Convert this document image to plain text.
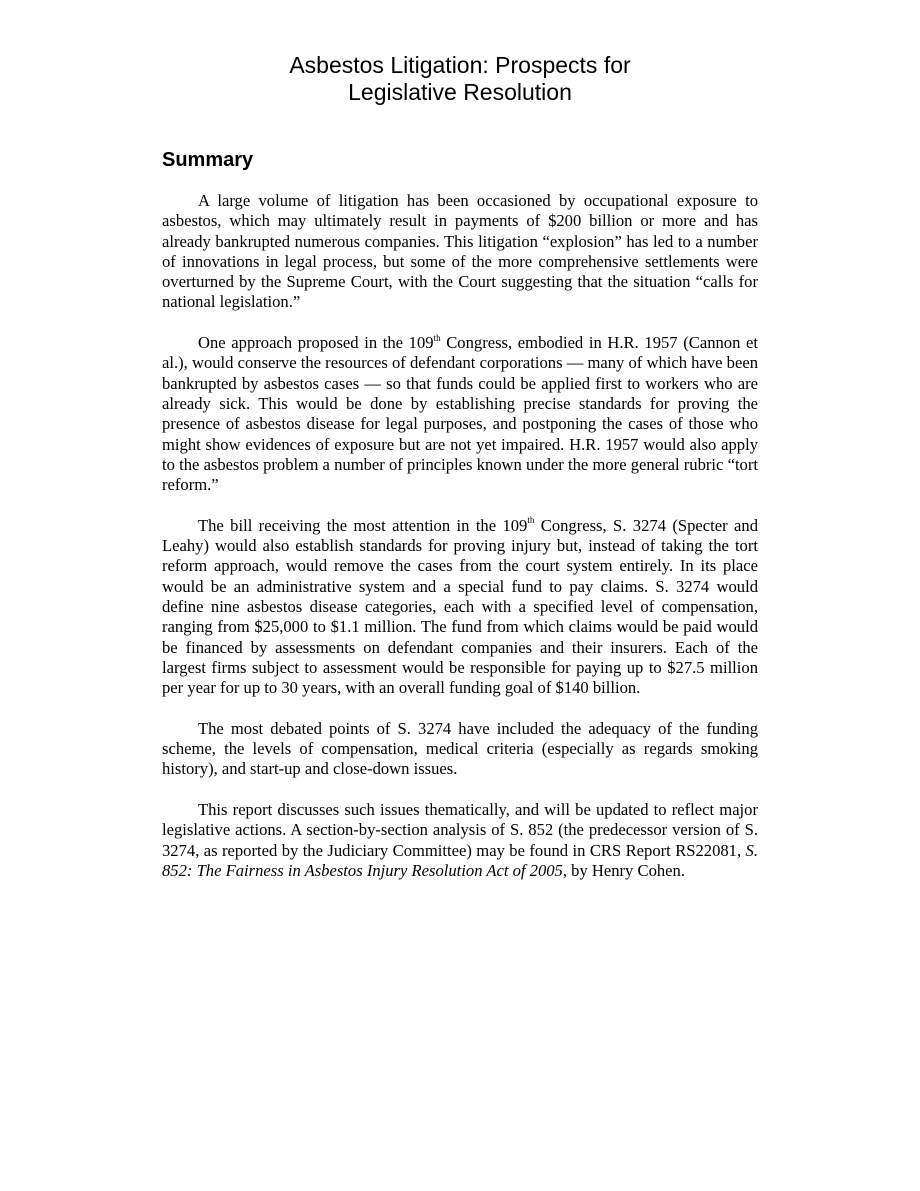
Asbestos Litigation: Prospects for
Legislative Resolution
Summary

A large volume of litigation has been occasioned by occupational exposure to asbestos, which may ultimately result in payments of $200 billion or more and has already bankrupted numerous companies. This litigation “explosion” has led to a number of innovations in legal process, but some of the more comprehensive settlements were overturned by the Supreme Court, with the Court suggesting that the situation “calls for national legislation.”

One approach proposed in the 109th Congress, embodied in H.R. 1957 (Cannon et al.), would conserve the resources of defendant corporations — many of which have been bankrupted by asbestos cases — so that funds could be applied first to workers who are already sick. This would be done by establishing precise standards for proving the presence of asbestos disease for legal purposes, and postponing the cases of those who might show evidences of exposure but are not yet impaired. H.R. 1957 would also apply to the asbestos problem a number of principles known under the more general rubric “tort reform.”

The bill receiving the most attention in the 109th Congress, S. 3274 (Specter and Leahy) would also establish standards for proving injury but, instead of taking the tort reform approach, would remove the cases from the court system entirely. In its place would be an administrative system and a special fund to pay claims. S. 3274 would define nine asbestos disease categories, each with a specified level of compensation, ranging from $25,000 to $1.1 million. The fund from which claims would be paid would be financed by assessments on defendant companies and their insurers. Each of the largest firms subject to assessment would be responsible for paying up to $27.5 million per year for up to 30 years, with an overall funding goal of $140 billion.

The most debated points of S. 3274 have included the adequacy of the funding scheme, the levels of compensation, medical criteria (especially as regards smoking history), and start-up and close-down issues.

This report discusses such issues thematically, and will be updated to reflect major legislative actions. A section-by-section analysis of S. 852 (the predecessor version of S. 3274, as reported by the Judiciary Committee) may be found in CRS Report RS22081, S. 852: The Fairness in Asbestos Injury Resolution Act of 2005, by Henry Cohen.
